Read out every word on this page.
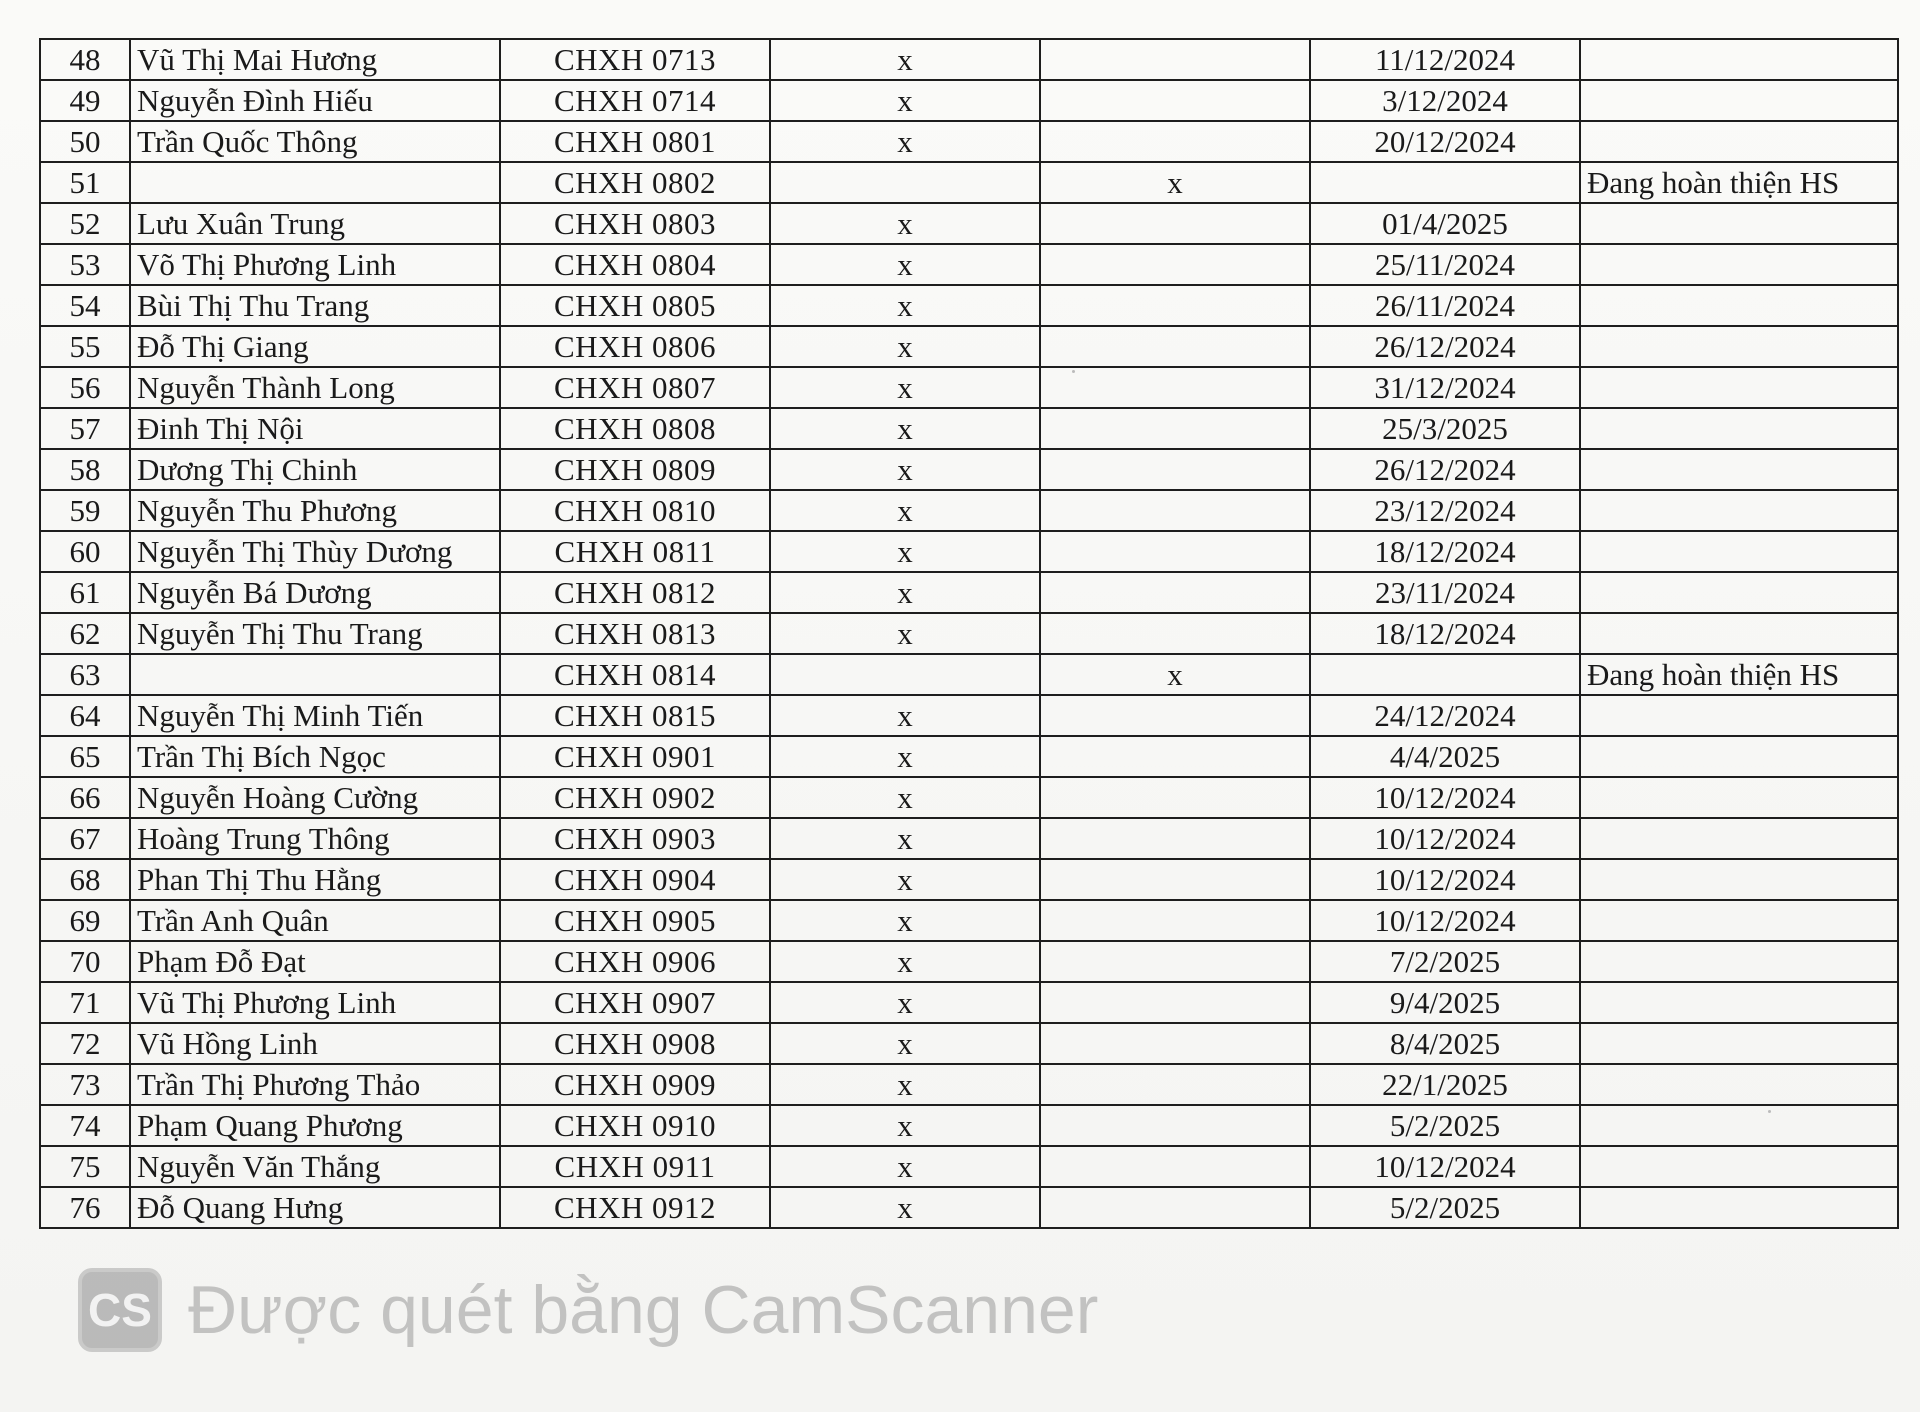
48	Vũ Thị Mai Hương	CHXH 0713	x		11/12/2024	
49	Nguyễn Đình Hiếu	CHXH 0714	x		3/12/2024	
50	Trần Quốc Thông	CHXH 0801	x		20/12/2024	
51		CHXH 0802		x		Đang hoàn thiện HS
52	Lưu Xuân Trung	CHXH 0803	x		01/4/2025	
53	Võ Thị Phương Linh	CHXH 0804	x		25/11/2024	
54	Bùi Thị Thu Trang	CHXH 0805	x		26/11/2024	
55	Đỗ Thị Giang	CHXH 0806	x		26/12/2024	
56	Nguyễn Thành Long	CHXH 0807	x		31/12/2024	
57	Đinh Thị Nội	CHXH 0808	x		25/3/2025	
58	Dương Thị Chinh	CHXH 0809	x		26/12/2024	
59	Nguyễn Thu Phương	CHXH 0810	x		23/12/2024	
60	Nguyễn Thị Thùy Dương	CHXH 0811	x		18/12/2024	
61	Nguyễn Bá Dương	CHXH 0812	x		23/11/2024	
62	Nguyễn Thị Thu Trang	CHXH 0813	x		18/12/2024	
63		CHXH 0814		x		Đang hoàn thiện HS
64	Nguyễn Thị Minh Tiến	CHXH 0815	x		24/12/2024	
65	Trần Thị Bích Ngọc	CHXH 0901	x		4/4/2025	
66	Nguyễn Hoàng Cường	CHXH 0902	x		10/12/2024	
67	Hoàng Trung Thông	CHXH 0903	x		10/12/2024	
68	Phan Thị Thu Hằng	CHXH 0904	x		10/12/2024	
69	Trần Anh Quân	CHXH 0905	x		10/12/2024	
70	Phạm Đỗ Đạt	CHXH 0906	x		7/2/2025	
71	Vũ Thị Phương Linh	CHXH 0907	x		9/4/2025	
72	Vũ Hồng Linh	CHXH 0908	x		8/4/2025	
73	Trần Thị Phương Thảo	CHXH 0909	x		22/1/2025	
74	Phạm Quang Phương	CHXH 0910	x		5/2/2025	
75	Nguyễn Văn Thắng	CHXH 0911	x		10/12/2024	
76	Đỗ Quang Hưng	CHXH 0912	x		5/2/2025	
CS Được quét bằng CamScanner
